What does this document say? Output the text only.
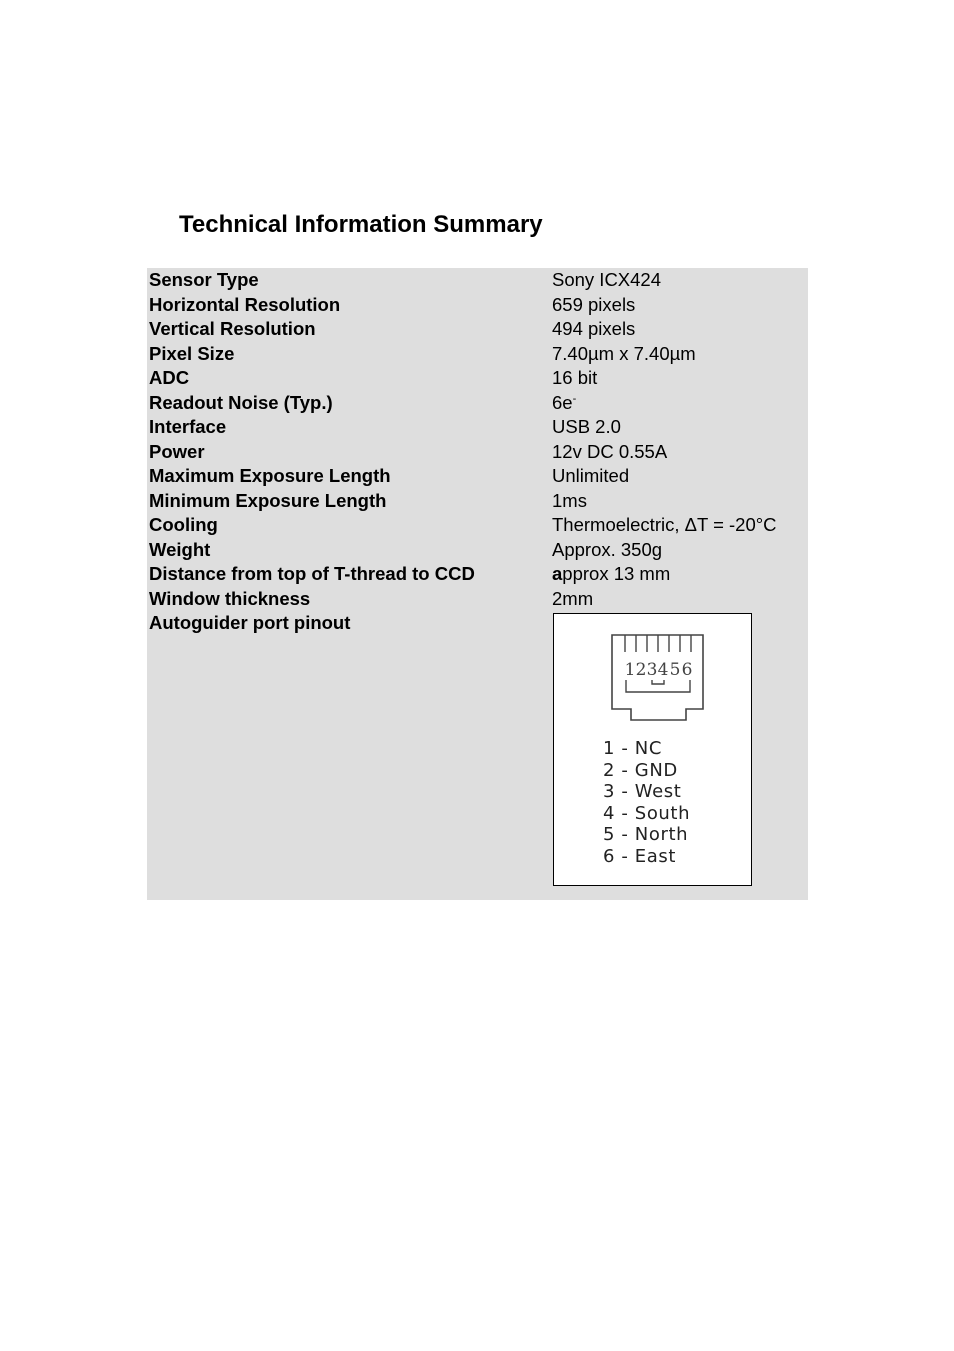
Technical Information Summary
Sensor Type	Sony ICX424
Horizontal Resolution	659 pixels
Vertical Resolution	494 pixels
Pixel Size	7.40µm x 7.40µm
ADC	16 bit
Readout Noise (Typ.)	6e-
Interface	USB 2.0
Power	12v DC 0.55A
Maximum Exposure Length	Unlimited
Minimum Exposure Length	1ms
Cooling	Thermoelectric, ΔT = -20°C
Weight	Approx. 350g
Distance from top of T-thread to CCD	approx 13 mm
Window thickness	2mm
Autoguider port pinout
1 2 3 4 5 6
1 - NC
2 - GND
3 - West
4 - South
5 - North
6 - East
